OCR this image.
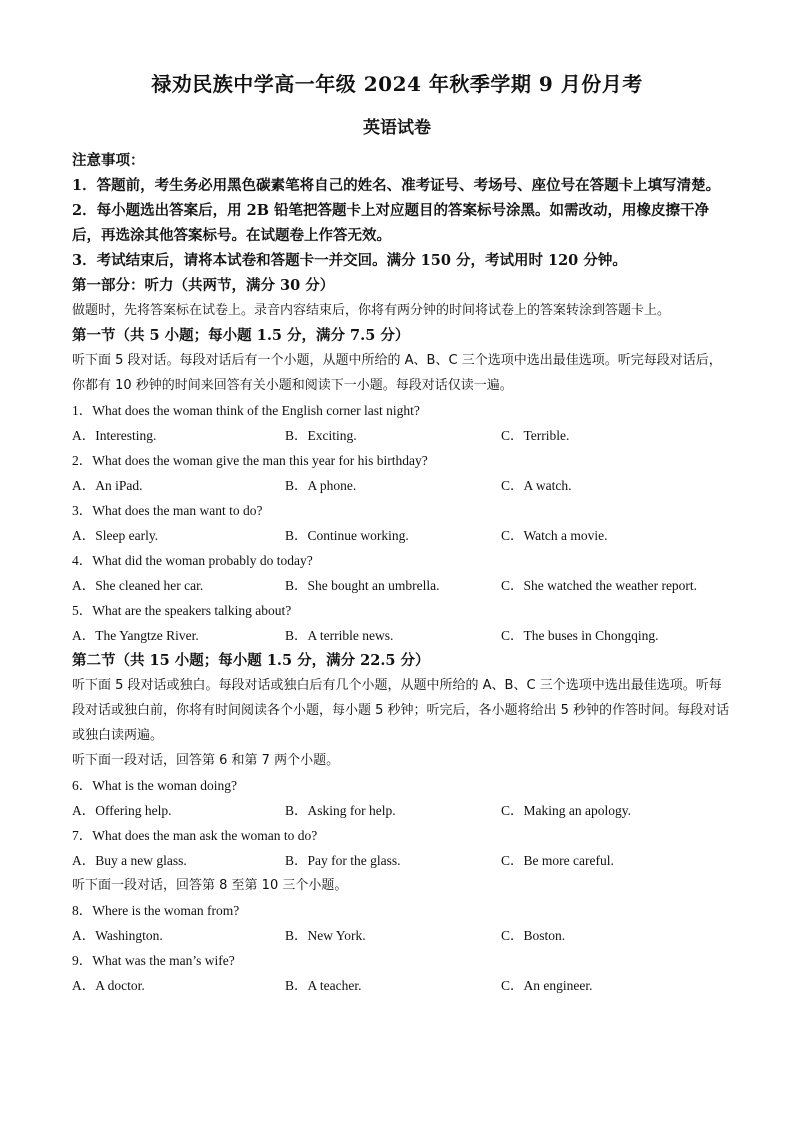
禄劝民族中学高一年级 2024 年秋季学期 9 月份月考
英语试卷
注意事项：
1．答题前，考生务必用黑色碳素笔将自己的姓名、准考证号、考场号、座位号在答题卡上填写清楚。
2．每小题选出答案后，用 2B 铅笔把答题卡上对应题目的答案标号涂黑。如需改动，用橡皮擦干净后，再选涂其他答案标号。在试题卷上作答无效。
3．考试结束后，请将本试卷和答题卡一并交回。满分 150 分，考试用时 120 分钟。
第一部分：听力（共两节，满分 30 分）
做题时，先将答案标在试卷上。录音内容结束后，你将有两分钟的时间将试卷上的答案转涂到答题卡上。
第一节（共 5 小题；每小题 1.5 分，满分 7.5 分）
听下面 5 段对话。每段对话后有一个小题，从题中所给的 A、B、C 三个选项中选出最佳选项。听完每段对话后，你都有 10 秒钟的时间来回答有关小题和阅读下一小题。每段对话仅读一遍。
1．What does the woman think of the English corner last night?
A．Interesting.	B．Exciting.	C．Terrible.
2．What does the woman give the man this year for his birthday?
A．An iPad.	B．A phone.	C．A watch.
3．What does the man want to do?
A．Sleep early.	B．Continue working.	C．Watch a movie.
4．What did the woman probably do today?
A．She cleaned her car.	B．She bought an umbrella.	C．She watched the weather report.
5．What are the speakers talking about?
A．The Yangtze River.	B．A terrible news.	C．The buses in Chongqing.
第二节（共 15 小题；每小题 1.5 分，满分 22.5 分）
听下面 5 段对话或独白。每段对话或独白后有几个小题，从题中所给的 A、B、C 三个选项中选出最佳选项。听每段对话或独白前，你将有时间阅读各个小题，每小题 5 秒钟；听完后，各小题将给出 5 秒钟的作答时间。每段对话或独白读两遍。
听下面一段对话，回答第 6 和第 7 两个小题。
6．What is the woman doing?
A．Offering help.	B．Asking for help.	C．Making an apology.
7．What does the man ask the woman to do?
A．Buy a new glass.	B．Pay for the glass.	C．Be more careful.
听下面一段对话，回答第 8 至第 10 三个小题。
8．Where is the woman from?
A．Washington.	B．New York.	C．Boston.
9．What was the man’s wife?
A．A doctor.	B．A teacher.	C．An engineer.
